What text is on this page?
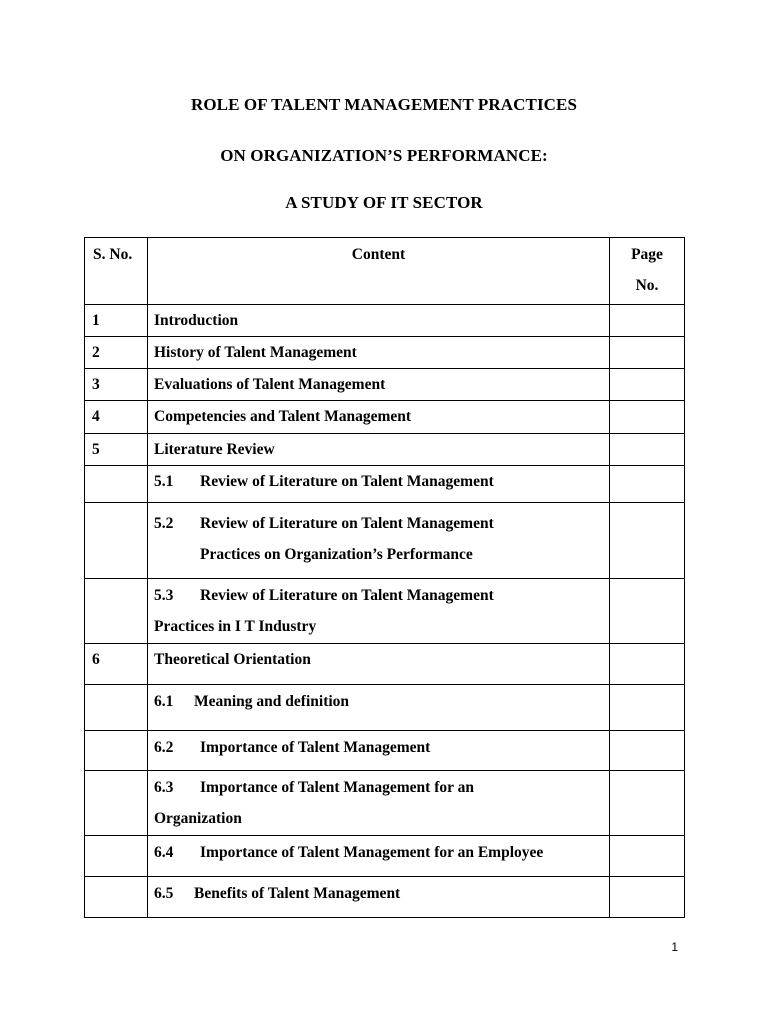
ROLE OF TALENT MANAGEMENT PRACTICES
ON ORGANIZATION’S PERFORMANCE:
A STUDY OF IT SECTOR
S. No.	Content	Page
No.
1	Introduction	
2	History of Talent Management	
3	Evaluations of Talent Management	
4	Competencies and Talent Management	
5	Literature Review	
	5.1 Review of Literature on Talent Management	
	5.2 Review of Literature on Talent Management
Practices on Organization’s Performance	
	5.3 Review of Literature on Talent Management
Practices in I T Industry	
6	Theoretical Orientation	
	6.1 Meaning and definition	
	6.2 Importance of Talent Management	
	6.3 Importance of Talent Management for an
Organization	
	6.4 Importance of Talent Management for an Employee	
	6.5 Benefits of Talent Management	
1
